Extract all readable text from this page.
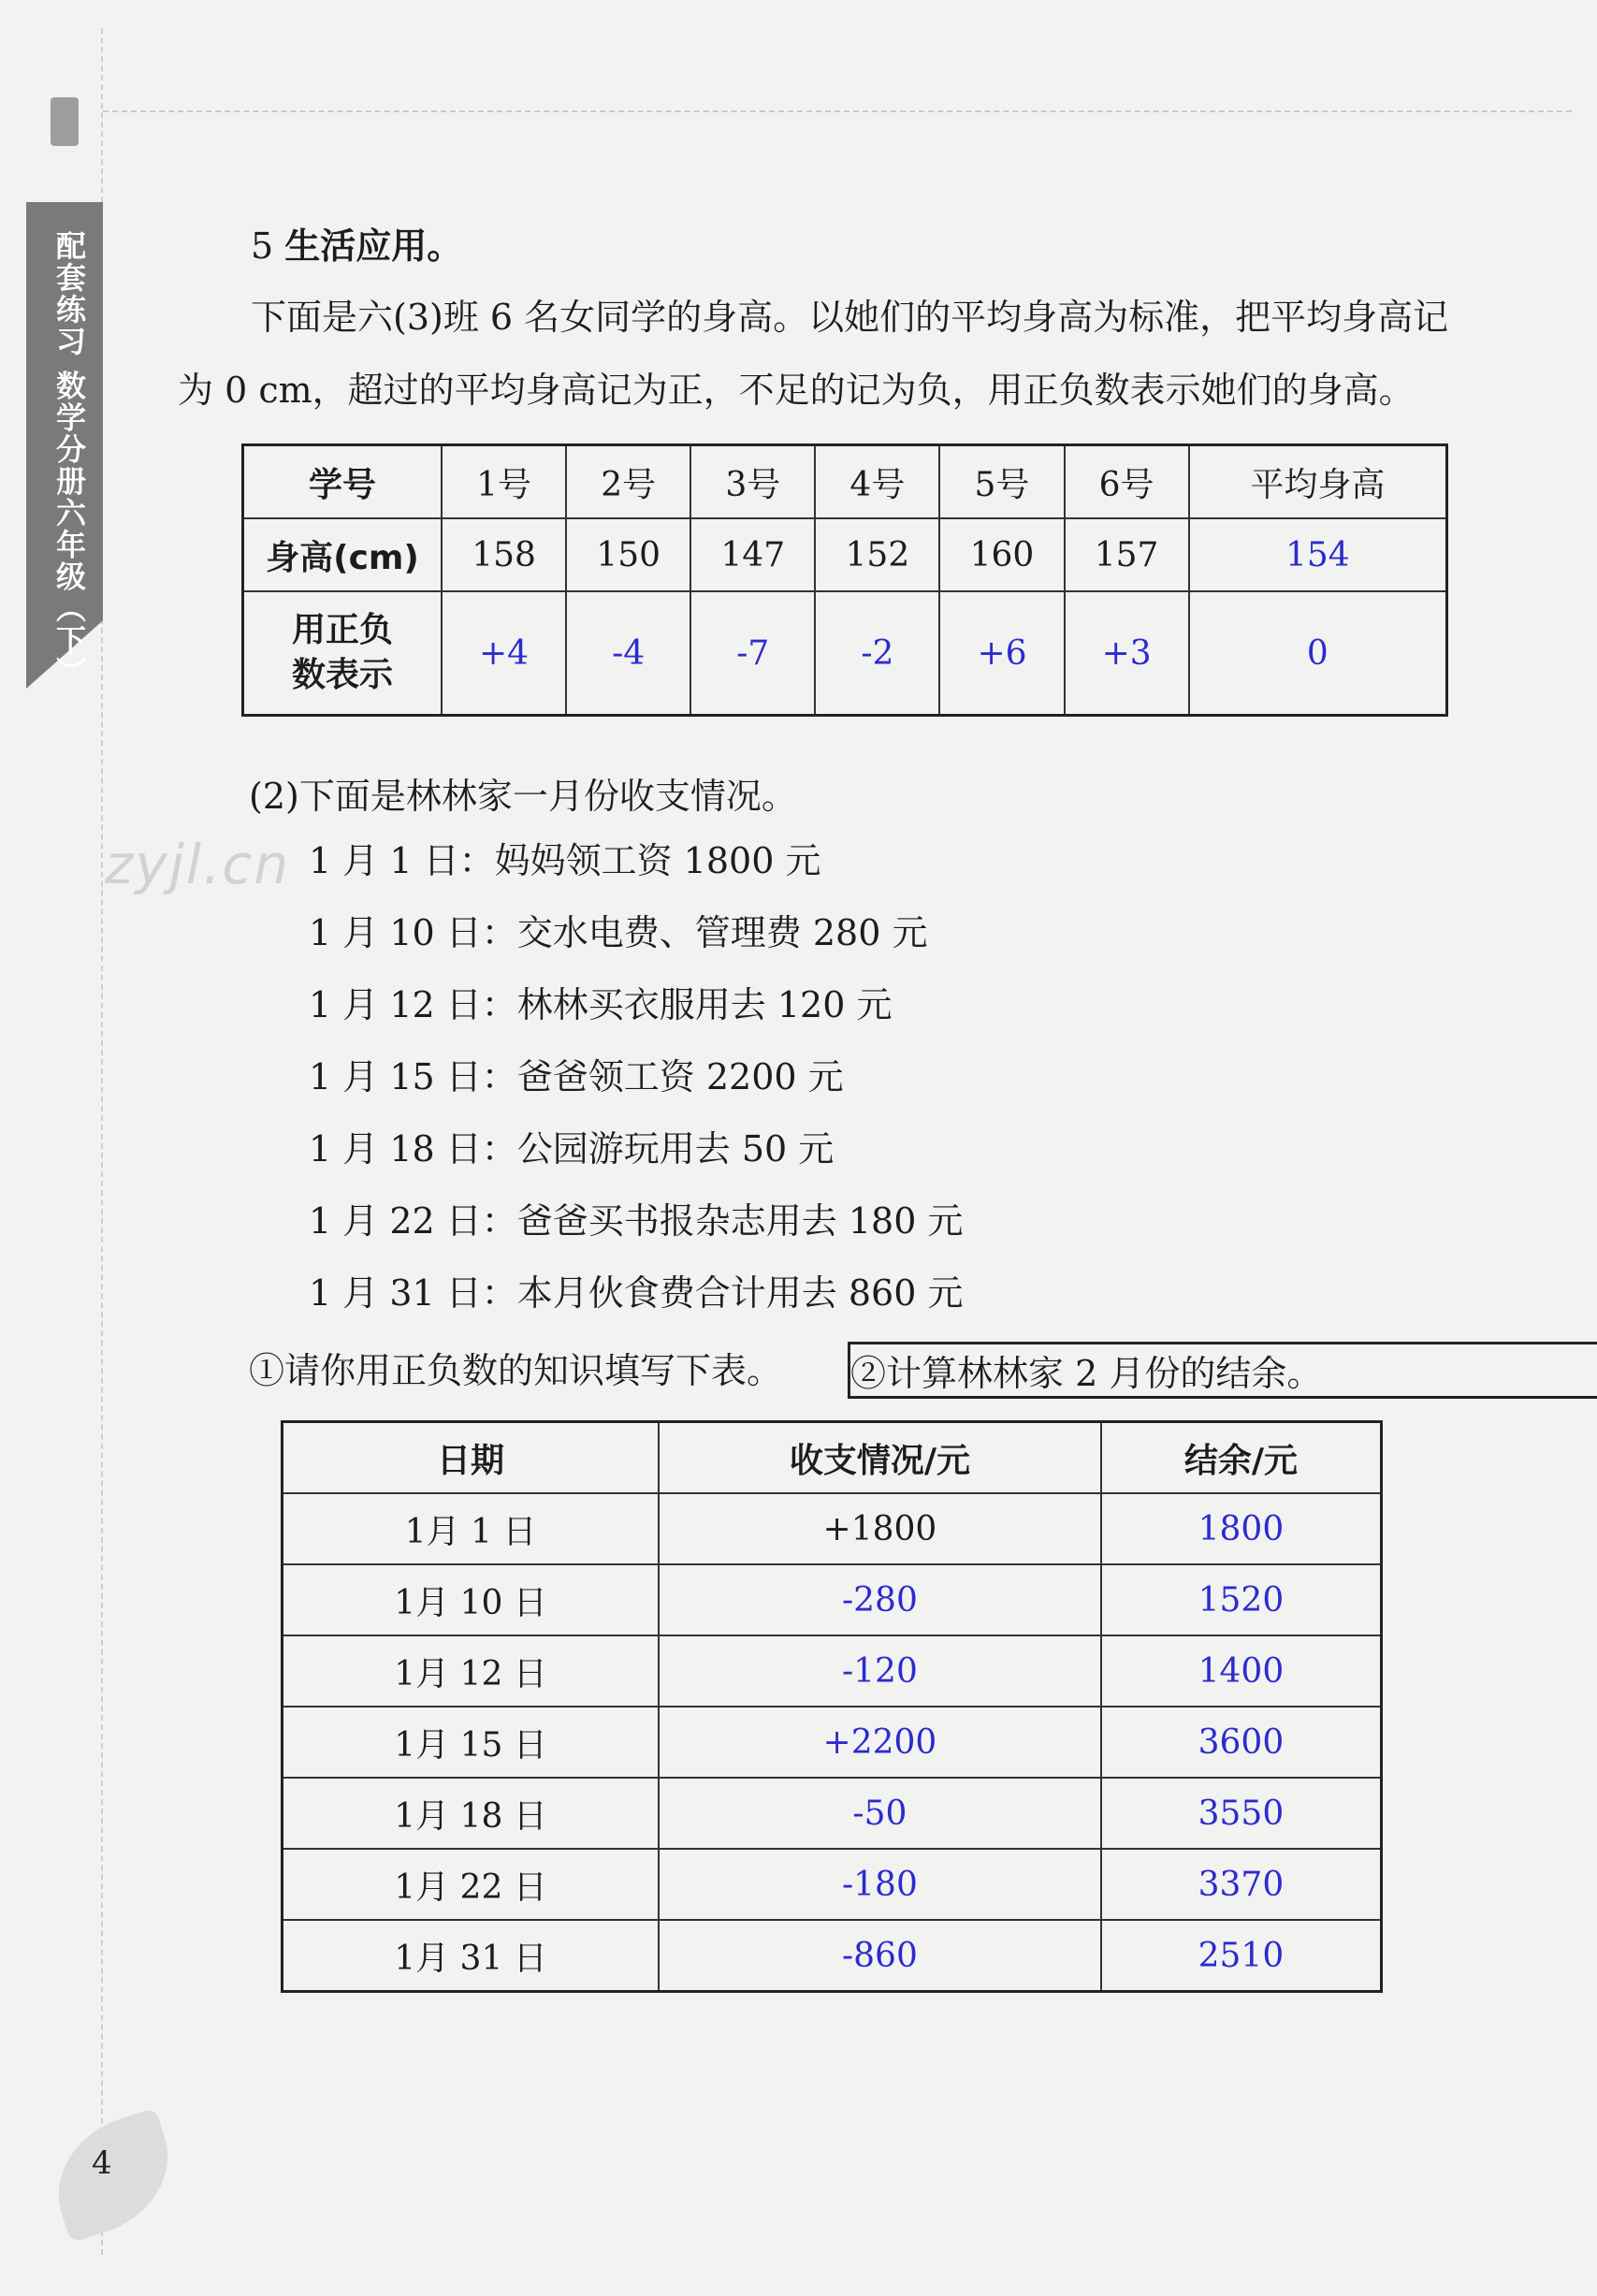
配套练习 数学分册六年级（下）
zyjl.cn
5 生活应用。
下面是六(3)班 6 名女同学的身高。以她们的平均身高为标准，把平均身高记
为 0 cm，超过的平均身高记为正，不足的记为负，用正负数表示她们的身高。
学号	1号	2号	3号	4号	5号	6号	平均身高
身高(cm)	158	150	147	152	160	157	154

用正负
数表示	+4	-4	-7	-2	+6	+3	0
(2)下面是林林家一月份收支情况。
1 月 1 日：妈妈领工资 1800 元
1 月 10 日：交水电费、管理费 280 元
1 月 12 日：林林买衣服用去 120 元
1 月 15 日：爸爸领工资 2200 元
1 月 18 日：公园游玩用去 50 元
1 月 22 日：爸爸买书报杂志用去 180 元
1 月 31 日：本月伙食费合计用去 860 元
①请你用正负数的知识填写下表。 ②计算林林家 2 月份的结余。
日期	收支情况/元	结余/元
1月 1 日	+1800	1800
1月 10 日	-280	1520
1月 12 日	-120	1400
1月 15 日	+2200	3600
1月 18 日	-50	3550
1月 22 日	-180	3370
1月 31 日	-860	2510
4
